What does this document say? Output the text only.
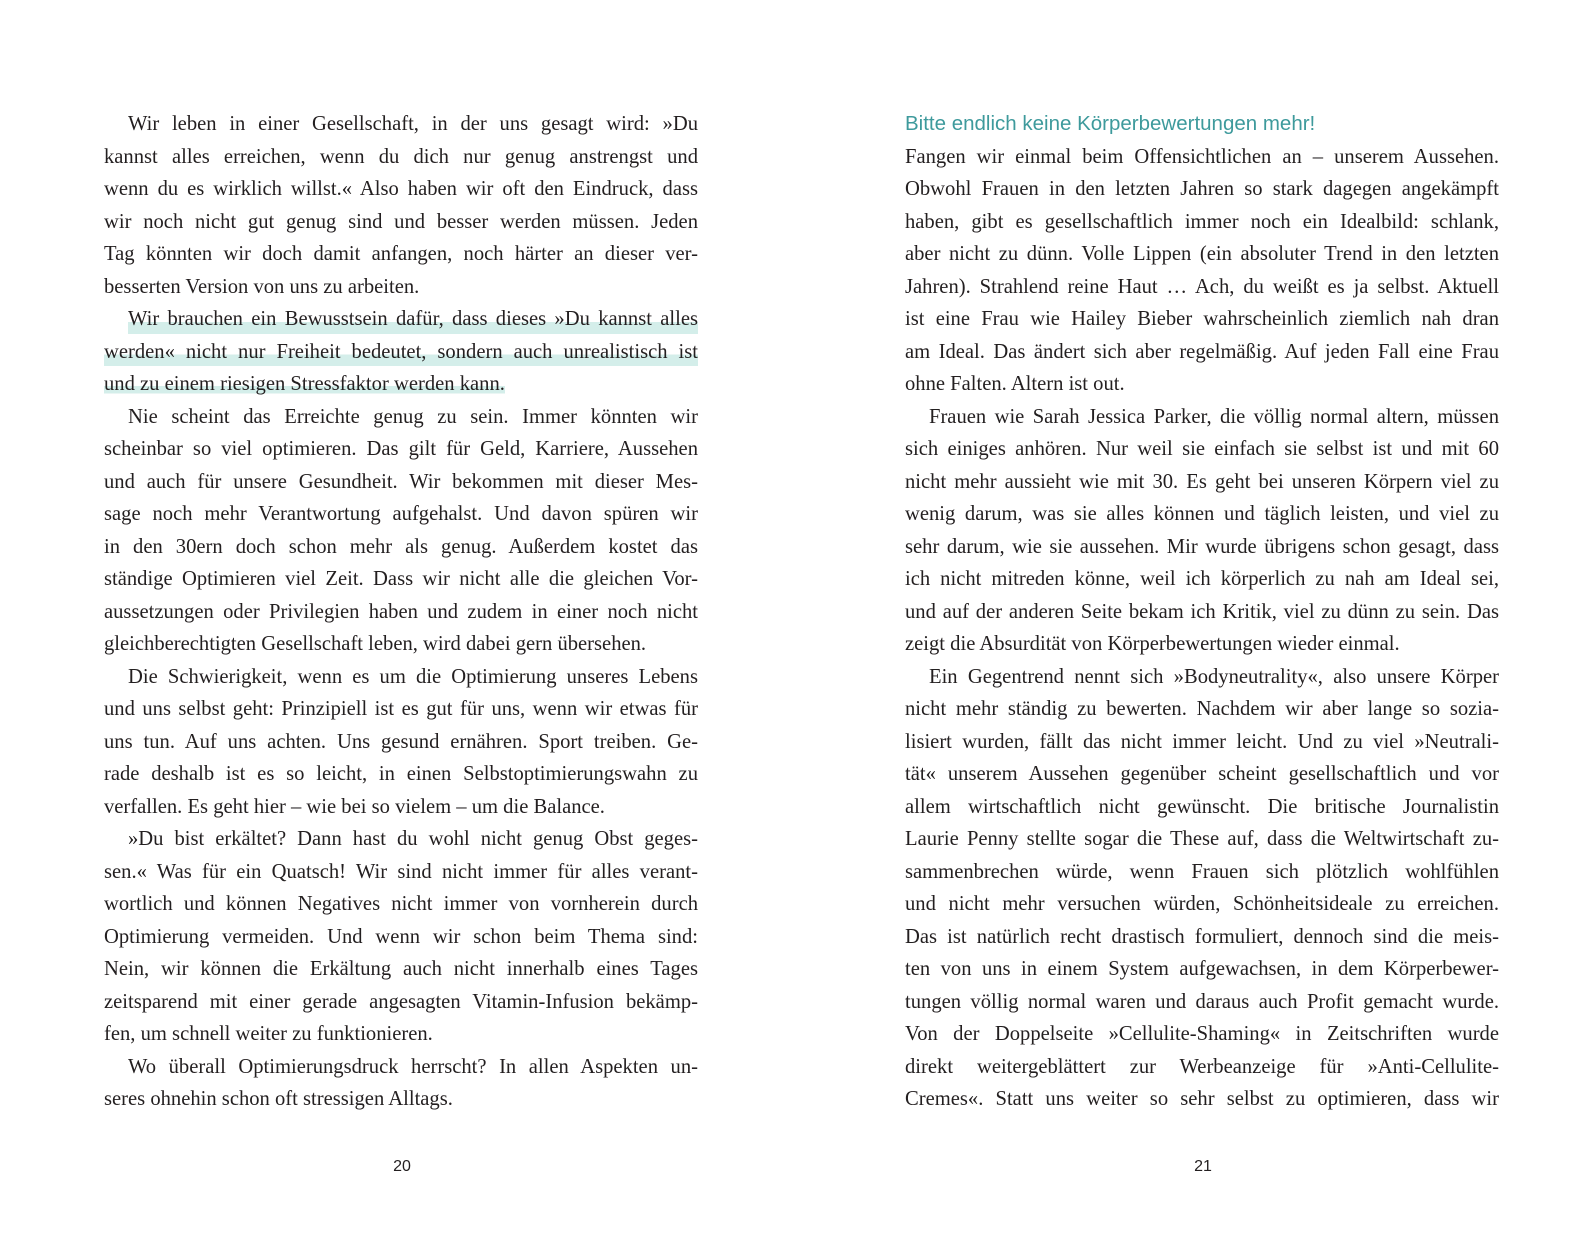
Wir leben in einer Gesellschaft, in der uns gesagt wird: »Du
kannst alles erreichen, wenn du dich nur genug anstrengst und
wenn du es wirklich willst.« Also haben wir oft den Eindruck, dass
wir noch nicht gut genug sind und besser werden müssen. Jeden
Tag könnten wir doch damit anfangen, noch härter an dieser ver-
besserten Version von uns zu arbeiten.
Wir brauchen ein Bewusstsein dafür, dass dieses »Du kannst alles
werden« nicht nur Freiheit bedeutet, sondern auch unrealistisch ist
und zu einem riesigen Stressfaktor werden kann.
Nie scheint das Erreichte genug zu sein. Immer könnten wir
scheinbar so viel optimieren. Das gilt für Geld, Karriere, Aussehen
und auch für unsere Gesundheit. Wir bekommen mit dieser Mes-
sage noch mehr Verantwortung aufgehalst. Und davon spüren wir
in den 30ern doch schon mehr als genug. Außerdem kostet das
ständige Optimieren viel Zeit. Dass wir nicht alle die gleichen Vor-
aussetzungen oder Privilegien haben und zudem in einer noch nicht
gleichberechtigten Gesellschaft leben, wird dabei gern übersehen.
Die Schwierigkeit, wenn es um die Optimierung unseres Lebens
und uns selbst geht: Prinzipiell ist es gut für uns, wenn wir etwas für
uns tun. Auf uns achten. Uns gesund ernähren. Sport treiben. Ge-
rade deshalb ist es so leicht, in einen Selbstoptimierungswahn zu
verfallen. Es geht hier – wie bei so vielem – um die Balance.
»Du bist erkältet? Dann hast du wohl nicht genug Obst geges-
sen.« Was für ein Quatsch! Wir sind nicht immer für alles verant-
wortlich und können Negatives nicht immer von vornherein durch
Optimierung vermeiden. Und wenn wir schon beim Thema sind:
Nein, wir können die Erkältung auch nicht innerhalb eines Tages
zeitsparend mit einer gerade angesagten Vitamin-Infusion bekämp-
fen, um schnell weiter zu funktionieren.
Wo überall Optimierungsdruck herrscht? In allen Aspekten un-
seres ohnehin schon oft stressigen Alltags.
Bitte endlich keine Körperbewertungen mehr!
Fangen wir einmal beim Offensichtlichen an – unserem Aussehen.
Obwohl Frauen in den letzten Jahren so stark dagegen angekämpft
haben, gibt es gesellschaftlich immer noch ein Idealbild: schlank,
aber nicht zu dünn. Volle Lippen (ein absoluter Trend in den letzten
Jahren). Strahlend reine Haut … Ach, du weißt es ja selbst. Aktuell
ist eine Frau wie Hailey Bieber wahrscheinlich ziemlich nah dran
am Ideal. Das ändert sich aber regelmäßig. Auf jeden Fall eine Frau
ohne Falten. Altern ist out.
Frauen wie Sarah Jessica Parker, die völlig normal altern, müssen
sich einiges anhören. Nur weil sie einfach sie selbst ist und mit 60
nicht mehr aussieht wie mit 30. Es geht bei unseren Körpern viel zu
wenig darum, was sie alles können und täglich leisten, und viel zu
sehr darum, wie sie aussehen. Mir wurde übrigens schon gesagt, dass
ich nicht mitreden könne, weil ich körperlich zu nah am Ideal sei,
und auf der anderen Seite bekam ich Kritik, viel zu dünn zu sein. Das
zeigt die Absurdität von Körperbewertungen wieder einmal.
Ein Gegentrend nennt sich »Bodyneutrality«, also unsere Körper
nicht mehr ständig zu bewerten. Nachdem wir aber lange so sozia-
lisiert wurden, fällt das nicht immer leicht. Und zu viel »Neutrali-
tät« unserem Aussehen gegenüber scheint gesellschaftlich und vor
allem wirtschaftlich nicht gewünscht. Die britische Journalistin
Laurie Penny stellte sogar die These auf, dass die Weltwirtschaft zu-
sammenbrechen würde, wenn Frauen sich plötzlich wohlfühlen
und nicht mehr versuchen würden, Schönheitsideale zu erreichen.
Das ist natürlich recht drastisch formuliert, dennoch sind die meis-
ten von uns in einem System aufgewachsen, in dem Körperbewer-
tungen völlig normal waren und daraus auch Profit gemacht wurde.
Von der Doppelseite »Cellulite-Shaming« in Zeitschriften wurde
direkt weitergeblättert zur Werbeanzeige für »Anti-Cellulite-
Cremes«. Statt uns weiter so sehr selbst zu optimieren, dass wir
20	21
